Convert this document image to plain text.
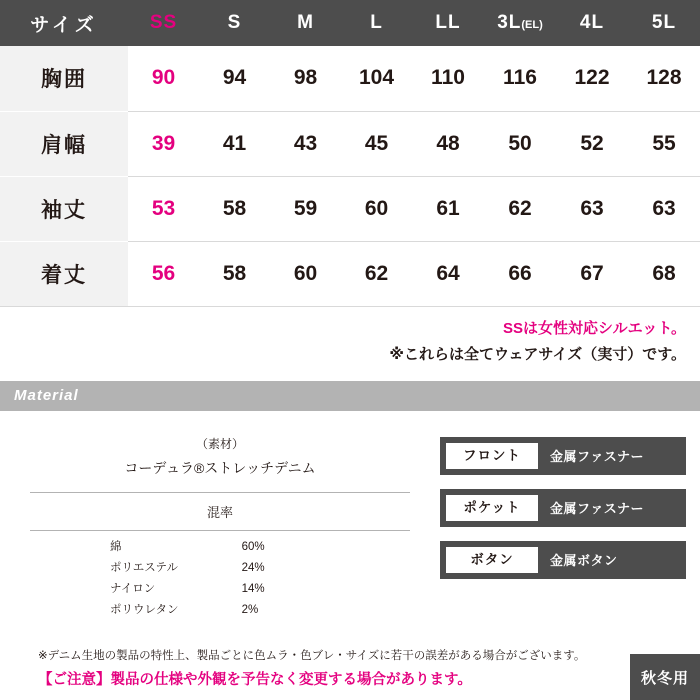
サイズ	SS	S	M	L	LL	3L(EL)	4L	5L
胸囲	90	94	98	104	110	116	122	128
肩幅	39	41	43	45	48	50	52	55
袖丈	53	58	59	60	61	62	63	63
着丈	56	58	60	62	64	66	67	68
SSは女性対応シルエット。
※これらは全てウェアサイズ（実寸）です。
Material
（素材）
コーデュラ®ストレッチデニム
混率
綿	60%
ポリエステル	24%
ナイロン	14%
ポリウレタン	2%
フロント	金属ファスナー
ポケット	金属ファスナー
ボタン	金属ボタン
※デニム生地の製品の特性上、製品ごとに色ムラ・色ブレ・サイズに若干の誤差がある場合がございます。
【ご注意】製品の仕様や外観を予告なく変更する場合があります。	秋冬用
